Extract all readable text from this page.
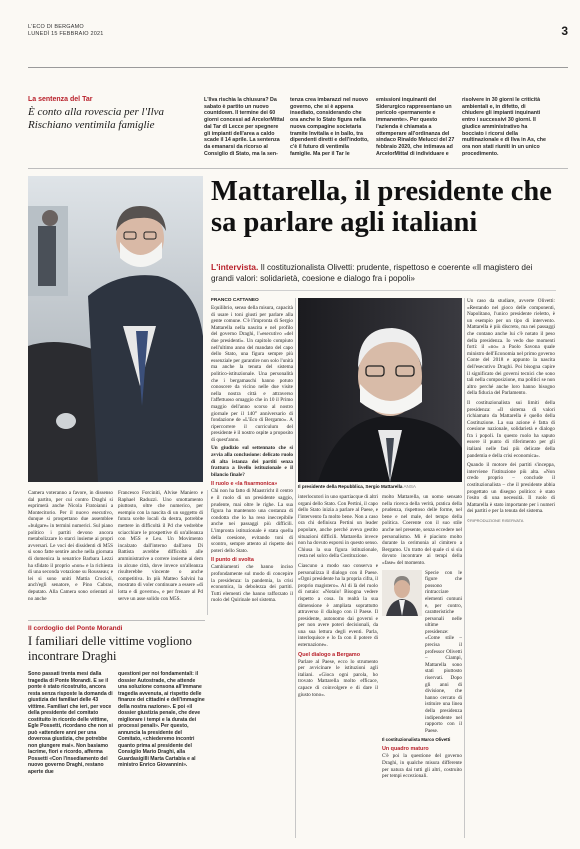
L'ECO DI BERGAMO
LUNEDÌ 15 FEBBRAIO 2021	3
La sentenza del Tar
È conto alla rovescia per l'Ilva Rischiano ventimila famiglie
L'Ilva rischia la chiusura? Da sabato è partito un nuovo countdown. Il termine dei 60 giorni concessi ad ArcelorMittal dal Tar di Lecce per spegnere gli impianti dell'area a caldo scade il 14 aprile. La sentenza da emanarsi da ricorso al Consiglio di Stato, ma la sen-
tenza crea imbarazzi nel nuovo governo, che si è appena insediato, considerando che ora anche lo Stato figura nella nuova compagine societaria tramite Invitalia e in ballo, tra dipendenti diretti e dell'indotto, c'è il futuro di ventimila famiglie. Ma per il Tar le
emissioni inquinanti del Siderurgico rappresentano un pericolo «permanente e immanente». Per questo l'azienda è chiamata a ottemperare all'ordinanza del sindaco Rinaldo Melucci del 27 febbraio 2020, che intimava ad ArcelorMittal di individuare e
risolvere in 30 giorni le criticità ambientali e, in difetto, di chiudere gli impianti inquinanti entro i successivi 30 giorni. Il giudice amministrativo ha bocciato i ricorsi della multinazionale e di Ilva in As, che ora non stati riuniti in un unico procedimento.
Mattarella, il presidente che sa parlare agli italiani
L'intervista. Il costituzionalista Olivetti: prudente, rispettoso e coerente «Il magistero dei grandi valori: solidarietà, coesione e dialogo fra i popoli»
FRANCO CATTANEO
Equilibrio, senso della misura, capacità di usare i toni giusti per parlare alla gente comune. C'è l'impronta di Sergio Mattarella nella nascita e nel profilo del governo Draghi, l'«esecutivo «del due presidenti». Un capitolo compiuto nell'ultimo anno del mandato del capo dello Stato, una figura sempre più essenziale per garantire non solo l'unità ma anche la tenuta del sistema politico-istituzionale. Una personalità che i bergamaschi hanno potuto conoscere da vicino nelle due visite nella nostra città e attraverso l'affettuoso omaggio che in 10 il Primo maggio dell'anno scorso al nostro giornale per il 140° anniversario di fondazione de «L'Eco di Bergamo». A ripercorrere il curriculum del presidente è il nostro ospite a proposito di quest'anno.
Un giudizio sul settennato che si avvia alla conclusione: delicato ruolo di alta istanza dei partiti senza frattura a livello istituzionale e il bilancio finale?
Il ruolo e «la fisarmonica»
Chi non ha fatto di Maastricht il centro e il ruolo di un presidente saggio, prudente, mai oltre le righe. La sua figura ha mantenuto una costanza di condotta che lo ha reso ineccepibile anche nei passaggi più difficili. L'impronta istituzionale è stata quella della coesione, evitando toni di scontro, sempre attento al rispetto dei poteri dello Stato.
Il punto di svolta
Cambiamenti che hanno inciso profondamente sul modo di concepire la presidenza: la pandemia, la crisi economica, la debolezza dei partiti. Tutti elementi che hanno rafforzato il ruolo del Quirinale nel sistema.
Il presidente della Repubblica, Sergio Mattarella ANSA
interlocutori in uno spartiacque di altri organi dello Stato. Con Pertini, il capo dello Stato inizia a parlare al Paese, e l'intervento fa molto bene. Non a caso ora chi definisca Pertini un leader popolare, anche perché aveva gestito situazioni difficili. Mattarella invece non ha dovuto esporsi in questo senso. Chiusa la sua figura istituzionale, resta nel solco della Costituzione.
Ciascuno a modo suo conserva e personalizza il dialogo con il Paese. «Ogni presidente ha la propria cifra, il proprio magistero». Al di là del ruolo di notaio: «Notaio! Bisogna vedere rispetto a cosa. In realtà la sua dimensione è ampliata soprattutto attraverso il dialogo con il Paese. Il presidente, autonomo dai governi e per non avere poteri decisionali, da una sua lettura degli eventi. Parla, interloquisce e lo fa con il potere di esternazione».
Quel dialogo a Bergamo
Parlare al Paese, ecco lo strumento per avvicinare le istituzioni agli italiani. «Gioca ogni parola, ho trovato Mattarella molto efficace, capace di coinvolgere e di dare il giusto tono».
molto Mattarella, un uomo sensato nella ricerca della verità, pratica della prudenza, rispettoso delle forme, nel bene e nel male, del tempo della politica. Coerente con il suo stile anche nel presente, senza eccedere nel personalismo. Mi è piaciuto molto durante la cerimonia al cimitero a Bergamo. Un tratto del quale ci si sia dovuto incontrare ai tempi della «fase» del momento.
Specie con le figure che possono rintracciare elementi comuni e, per contro, caratteristiche personali nelle ultime presidenze: «Come stile – precisa il professor Olivetti – Ciampi, Mattarella sono stati piuttosto riservati. Dopo gli anni di divisione, che hanno cercato di istituire una linea della presidenza indipendente nel rapporto con il Paese.
Il costituzionalista Marco Olivetti
Un quadro maturo
C'è poi la questione del governo Draghi, in qualche misura differente per natura dai tutti gli altri, costruito per tempi eccezionali.
Un caso da studiare, avverte Olivetti: «Restando nel gioco delle componenti, Napolitano, l'unico presidente rieletto, è un esempio per un tipo di intervento. Mattarella è più discreto, ma nei passaggi che contano anche lui c'è notato il peso della presidenza. Io vedo due momenti forti: il «no» a Paolo Savona quale ministro dell'Economia nel primo governo Conte del 2018 e appunto la nascita dell'esecutivo Draghi. Poi bisogna capire il significato dei governi tecnici che sono tali nella composizione, ma politici se non altro perché anche loro hanno bisogno della fiducia del Parlamento.
Il costituzionalista sui limiti della presidenza: «Il sistema di valori richiamato da Mattarella è quello della Costituzione. La sua azione è fatta di coesione nazionale, solidarietà e dialogo fra i popoli. In questo ruolo ha saputo essere il punto di riferimento per gli italiani nelle fasi più delicate della pandemia e della crisi economica».
Quando il motore dei partiti s'inceppa, interviene l'istituzione più alta. «Non credo proprio – conclude il costituzionalista – che il presidente abbia progettato un disegno politico: è stato l'esito di una necessità. Il ruolo di Mattarella è stato importante per i numeri dei partiti e per la tenuta del sistema.
©RIPRODUZIONE RISERVATA
Camera voteranno a favore, in dissenso dal partito, per cui contro Draghi si esprimerà anche Nicola Fratoianni a Montecitorio. Per il nuovo esecutivo, dunque si prospettano due assemblee «bulgare» in termini numerici. Sul piano politico i partiti devono ancora metabolizzare lo starci insieme ai propri avversari. Le voci dei dissidenti di M5S si sono fatte sentire anche nella giornata di domenica la senatrice Barbara Lezzi ha sfidato il proprio «non» e la richiesta di una seconda votazione su Rousseau; e lei si sono uniti Mattia Crucioli, anch'egli senatore, e Pino Cabras, deputato. Alla Camera sono orientati al no anche
Francesco Forciniti, Alvise Maniero e Raphael Raduzzi. Uno smottamento piuttosto, oltre che numerico, per esempio con la nascita di un soggetto di futura scelte locali da destra, potrebbe mettere in difficoltà il Pd che vedrebbe sciacchiare le prospettive di un'alleanza con M5S e Leu. Un Movimento incalzato dall'interno dall'area Di Battista avrebbe difficoltà alle amministrative a correre insieme ai dem in alcune città, dove invece un'alleanza risulterebbe vincente o anche competitiva. In più Matteo Salvini ha mostrato di voler continuare a essere «di lotta e di governo», e per frenare al Pd serve un asse solido con M5S.
Il cordoglio del Ponte Morandi
I familiari delle vittime vogliono incontrare Draghi
Sono passati trenta mesi dalla tragedia di Ponte Morandi. E se il ponte è stato ricostruito, ancora resta senza risposte la domanda di giustizia dei familiari delle 43 vittime. Familiari che ieri, per voce della presidente del comitato costituito in ricordo delle vittime, Egle Possetti, ricordano che non si può «attendere anni per una doverosa giustizia, che potrebbe non giungere mai». Non basiamo lacrime, fiori e ricordo, afferma Possetti «Con l'insediamento del nuovo governo Draghi, restano aperte due
questioni per noi fondamentali: il dossier Autostrade, che attende una soluzione consona all'immane tragedia avvenuta, ai rispetto delle finanze dei cittadini e dell'immagine della nostra nazione». E poi «il dossier giustizia penale, che deve migliorare i tempi e la durata dei processi penali». Per questo, annuncia la presidente del Comitato, «chiederemo incontri quanto prima al presidente del Consiglio Mario Draghi, alla Guardasigilli Marta Cartabia e al ministro Enrico Giovannini».
